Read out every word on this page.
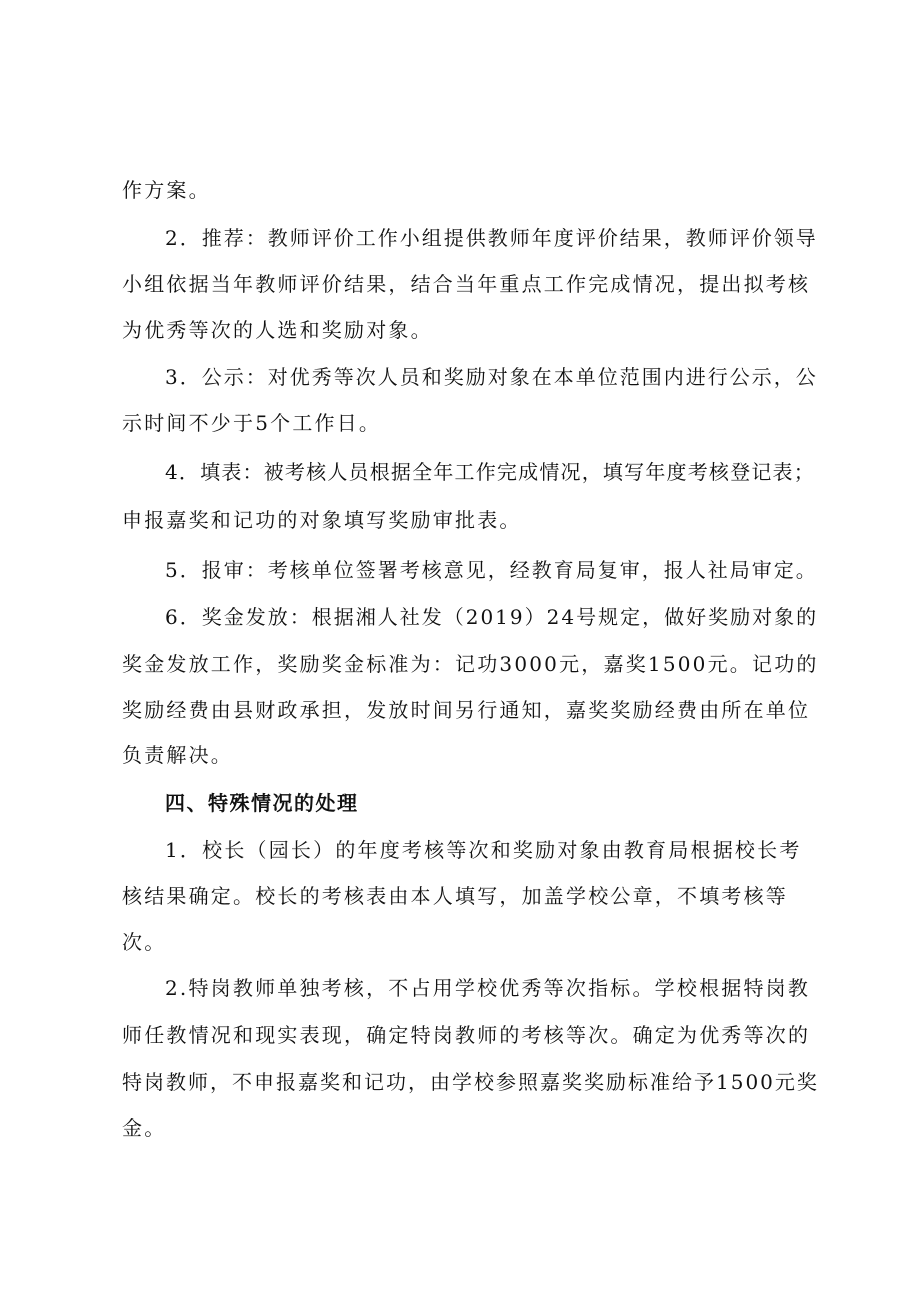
作方案。
2．推荐：教师评价工作小组提供教师年度评价结果，教师评价领导
小组依据当年教师评价结果，结合当年重点工作完成情况，提出拟考核
为优秀等次的人选和奖励对象。
3．公示：对优秀等次人员和奖励对象在本单位范围内进行公示，公
示时间不少于5个工作日。
4．填表：被考核人员根据全年工作完成情况，填写年度考核登记表；
申报嘉奖和记功的对象填写奖励审批表。
5．报审：考核单位签署考核意见，经教育局复审，报人社局审定。
6．奖金发放：根据湘人社发（2019）24号规定，做好奖励对象的
奖金发放工作，奖励奖金标准为：记功3000元，嘉奖1500元。记功的
奖励经费由县财政承担，发放时间另行通知，嘉奖奖励经费由所在单位
负责解决。
四、特殊情况的处理
1．校长（园长）的年度考核等次和奖励对象由教育局根据校长考
核结果确定。校长的考核表由本人填写，加盖学校公章，不填考核等
次。
2.特岗教师单独考核，不占用学校优秀等次指标。学校根据特岗教
师任教情况和现实表现，确定特岗教师的考核等次。确定为优秀等次的
特岗教师，不申报嘉奖和记功，由学校参照嘉奖奖励标准给予1500元奖
金。
